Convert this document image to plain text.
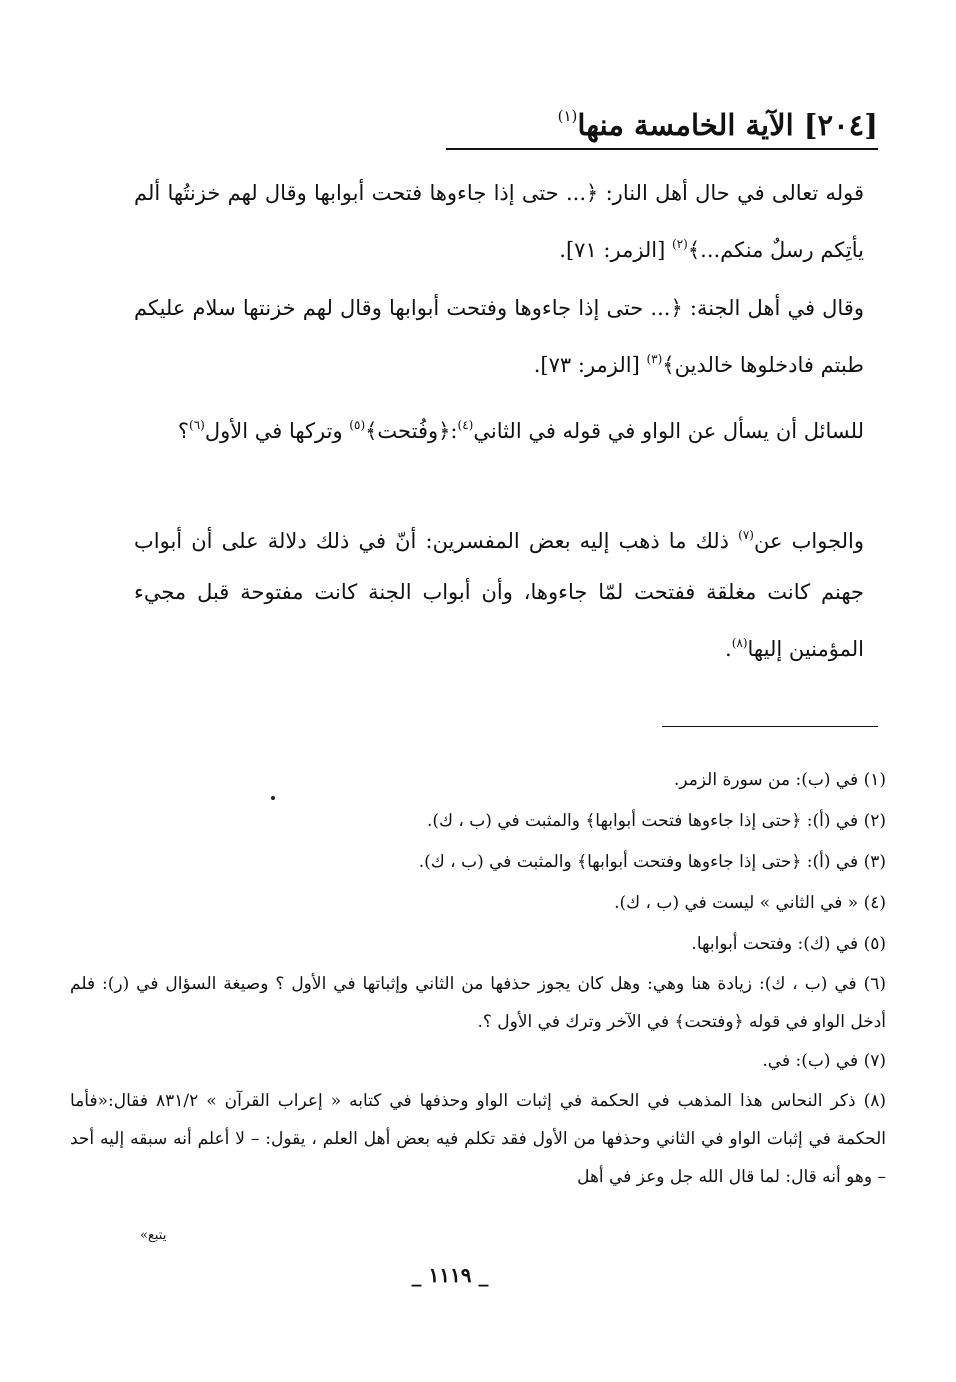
[٢٠٤] الآية الخامسة منها$^{(١)}$

قوله تعالى في حال أهل النار: ﴿... حتى إذا جاءوها فتحت أبوابها وقال لهم خزنتُها ألم يأتِكم رسلٌ منكم...﴾$^{(٢)}$ [الزمر: ٧١].

وقال في أهل الجنة: ﴿... حتى إذا جاءوها وفتحت أبوابها وقال لهم خزنتها سلام عليكم طبتم فادخلوها خالدين﴾$^{(٣)}$ [الزمر: ٧٣].

للسائل أن يسأل عن الواو في قوله في الثاني$^{(٤)}$:﴿وفُتحت﴾$^{(٥)}$ وتركها في الأول$^{(٦)}$؟

والجواب عن$^{(٧)}$ ذلك ما ذهب إليه بعض المفسرين: أنّ في ذلك دلالة على أن أبواب جهنم كانت مغلقة ففتحت لمّا جاءوها، وأن أبواب الجنة كانت مفتوحة قبل مجيء المؤمنين إليها$^{(٨)}$.

(١) في (ب): من سورة الزمر.

(٢) في (أ): ﴿حتى إذا جاءوها فتحت أبوابها﴾ والمثبت في (ب ، ك).

(٣) في (أ): ﴿حتى إذا جاءوها وفتحت أبوابها﴾ والمثبت في (ب ، ك).

(٤) « في الثاني » ليست في (ب ، ك).

(٥) في (ك): وفتحت أبوابها.

(٦) في (ب ، ك): زيادة هنا وهي: وهل كان يجوز حذفها من الثاني وإثباتها في الأول ؟ وصيغة السؤال في (ر): فلم أدخل الواو في قوله ﴿وفتحت﴾ في الآخر وترك في الأول ؟.

(٧) في (ب): في.

(٨) ذكر النحاس هذا المذهب في الحكمة في إثبات الواو وحذفها في كتابه « إعراب القرآن » ٨٣١/٢ فقال:«فأما الحكمة في إثبات الواو في الثاني وحذفها من الأول فقد تكلم فيه بعض أهل العلم ، يقول: – لا أعلم أنه سبقه إليه أحد – وهو أنه قال: لما قال الله جل وعز في أهل

يتبع»
_ ١١١٩ _
